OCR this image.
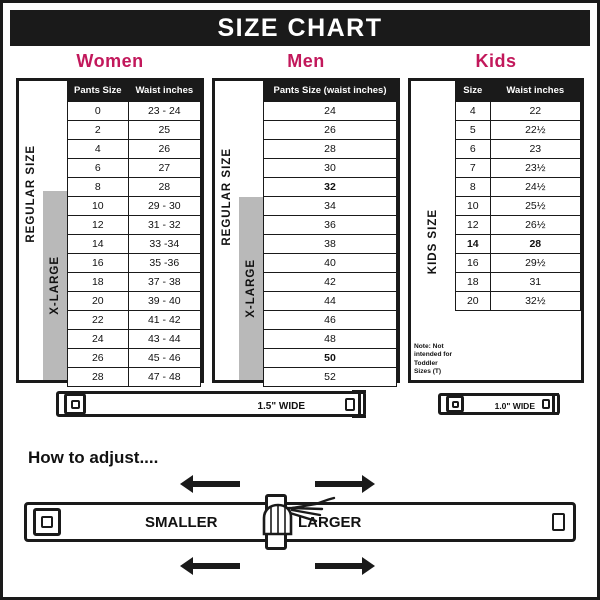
SIZE CHART
Women
REGULAR SIZE
X-LARGE
Pants Size	Waist inches
0	23 - 24
2	25
4	26
6	27
8	28
10	29 - 30
12	31 - 32
14	33 -34
16	35 -36
18	37 - 38
20	39 - 40
22	41 - 42
24	43 - 44
26	45 - 46
28	47 - 48
Men
REGULAR SIZE
X-LARGE
Pants Size (waist inches)
24
26
28
30
32
34
36
38
40
42
44
46
48
50
52
Kids
KIDS SIZE
Note: Not intended for Toddler Sizes (T)
Size	Waist inches
4	22
5	22½
6	23
7	23½
8	24½
10	25½
12	26½
14	28
16	29½
18	31
20	32½
1.5" WIDE	1.0" WIDE
How to adjust....
SMALLER	LARGER
